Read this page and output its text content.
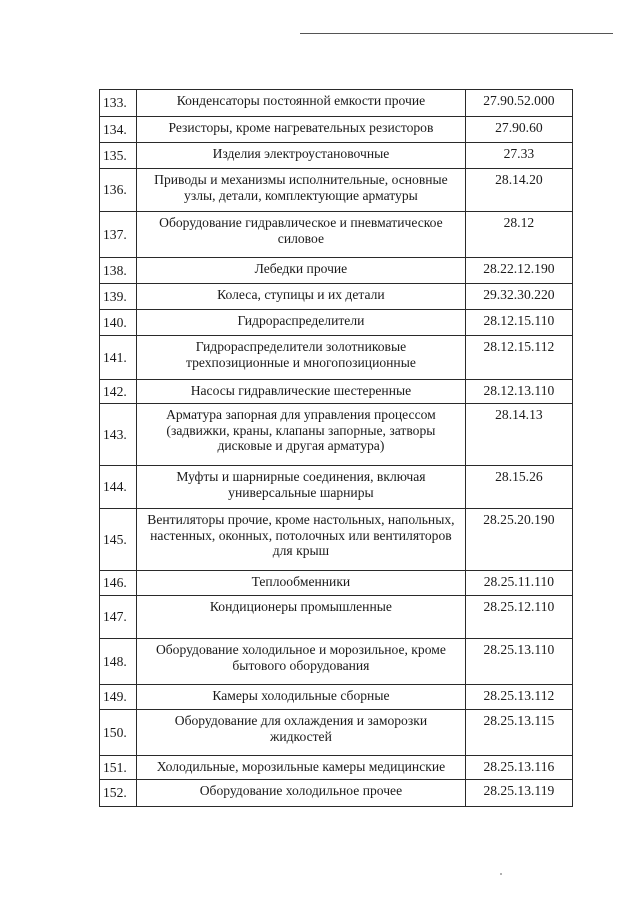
133.	Конденсаторы постоянной емкости прочие	27.90.52.000
134.	Резисторы, кроме нагревательных резисторов	27.90.60
135.	Изделия электроустановочные	27.33
136.	Приводы и механизмы исполнительные, основные
узлы, детали, комплектующие арматуры	28.14.20
137.	Оборудование гидравлическое и пневматическое
силовое	28.12
138.	Лебедки прочие	28.22.12.190
139.	Колеса, ступицы и их детали	29.32.30.220
140.	Гидрораспределители	28.12.15.110
141.	Гидрораспределители золотниковые
трехпозиционные и многопозиционные	28.12.15.112
142.	Насосы гидравлические шестеренные	28.12.13.110
143.	Арматура запорная для управления процессом
(задвижки, краны, клапаны запорные, затворы
дисковые и другая арматура)	28.14.13
144.	Муфты и шарнирные соединения, включая
универсальные шарниры	28.15.26
145.	Вентиляторы прочие, кроме настольных, напольных,
настенных, оконных, потолочных или вентиляторов
для крыш	28.25.20.190
146.	Теплообменники	28.25.11.110
147.	Кондиционеры промышленные	28.25.12.110
148.	Оборудование холодильное и морозильное, кроме
бытового оборудования	28.25.13.110
149.	Камеры холодильные сборные	28.25.13.112
150.	Оборудование для охлаждения и заморозки
жидкостей	28.25.13.115
151.	Холодильные, морозильные камеры медицинские	28.25.13.116
152.	Оборудование холодильное прочее	28.25.13.119
